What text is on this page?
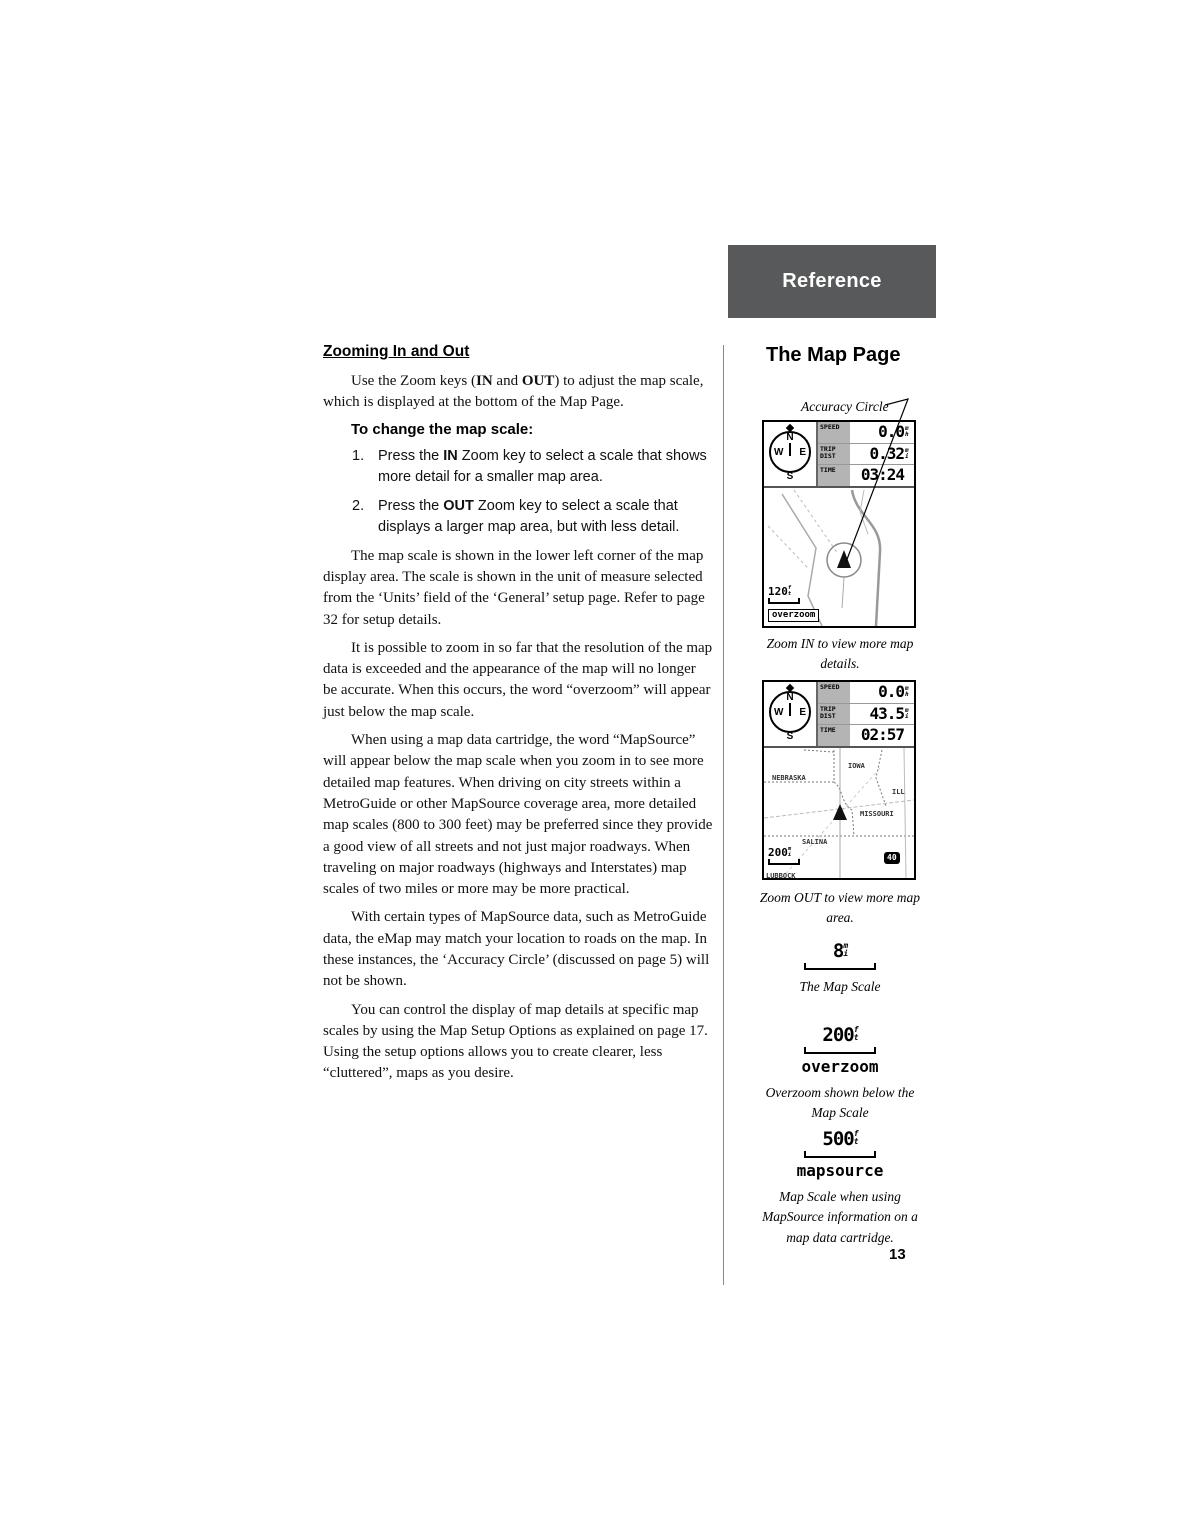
Reference
Zooming In and Out

Use the Zoom keys (IN and OUT) to adjust the map scale, which is displayed at the bottom of the Map Page.

To change the map scale:

1. Press the IN Zoom key to select a scale that shows more detail for a smaller map area.
2. Press the OUT Zoom key to select a scale that displays a larger map area, but with less detail.

The map scale is shown in the lower left corner of the map display area. The scale is shown in the unit of measure selected from the ‘Units’ field of the ‘General’ setup page. Refer to page 32 for setup details.

It is possible to zoom in so far that the resolution of the map data is exceeded and the appearance of the map will no longer be accurate. When this occurs, the word “overzoom” will appear just below the map scale.

When using a map data cartridge, the word “MapSource” will appear below the map scale when you zoom in to see more detailed map features. When driving on city streets within a MetroGuide or other MapSource coverage area, more detailed map scales (800 to 300 feet) may be preferred since they provide a good view of all streets and not just major roadways. When traveling on major roadways (highways and Interstates) map scales of two miles or more may be more practical.

With certain types of MapSource data, such as MetroGuide data, the eMap may match your location to roads on the map. In these instances, the ‘Accuracy Circle’ (discussed on page 5) will not be shown.

You can control the display of map details at specific map scales by using the Map Setup Options as explained on page 17. Using the setup options allows you to create clearer, less “cluttered”, maps as you desire.

The Map Page
Accuracy Circle
N
W E
S
SPEED	0.0 m
h
TRIP DIST	0.32 m
i
TIME	03:24
120 f
t
overzoom
Zoom IN to view more map details.
N
W E
S
SPEED	0.0 m
h
TRIP DIST	43.5 m
i
TIME	02:57
NEBRASKA
IOWA
ILL
MISSOURI
SALINA
LUBBOCK
40
200 m
i
Zoom OUT to view more map area.
8 m
i
The Map Scale
200 f
t
overzoom
Overzoom shown below the Map Scale
500 f
t
mapsource
Map Scale when using MapSource information on a map data cartridge.
13
